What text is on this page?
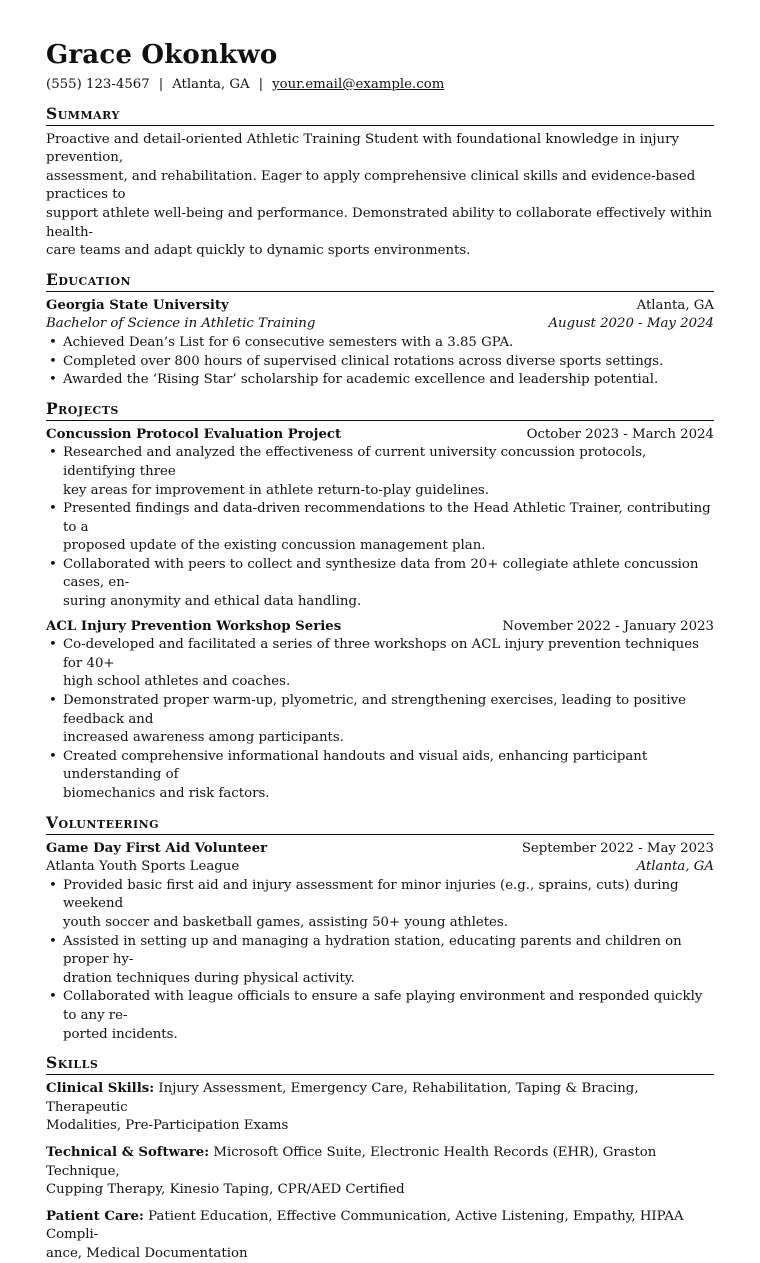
Grace Okonkwo
(555) 123-4567 | Atlanta, GA | your.email@example.com
Summary
Proactive and detail-oriented Athletic Training Student with foundational knowledge in injury prevention,
assessment, and rehabilitation. Eager to apply comprehensive clinical skills and evidence-based practices to
support athlete well-being and performance. Demonstrated ability to collaborate effectively within health-
care teams and adapt quickly to dynamic sports environments.
Education
Georgia State University	Atlanta, GA
Bachelor of Science in Athletic Training	August 2020 - May 2024
• Achieved Dean’s List for 6 consecutive semesters with a 3.85 GPA.
• Completed over 800 hours of supervised clinical rotations across diverse sports settings.
• Awarded the ‘Rising Star’ scholarship for academic excellence and leadership potential.
Projects
Concussion Protocol Evaluation Project	October 2023 - March 2024
• Researched and analyzed the effectiveness of current university concussion protocols, identifying three
key areas for improvement in athlete return-to-play guidelines.
• Presented findings and data-driven recommendations to the Head Athletic Trainer, contributing to a
proposed update of the existing concussion management plan.
• Collaborated with peers to collect and synthesize data from 20+ collegiate athlete concussion cases, en-
suring anonymity and ethical data handling.
ACL Injury Prevention Workshop Series	November 2022 - January 2023
• Co-developed and facilitated a series of three workshops on ACL injury prevention techniques for 40+
high school athletes and coaches.
• Demonstrated proper warm-up, plyometric, and strengthening exercises, leading to positive feedback and
increased awareness among participants.
• Created comprehensive informational handouts and visual aids, enhancing participant understanding of
biomechanics and risk factors.
Volunteering
Game Day First Aid Volunteer	September 2022 - May 2023
Atlanta Youth Sports League	Atlanta, GA
• Provided basic first aid and injury assessment for minor injuries (e.g., sprains, cuts) during weekend
youth soccer and basketball games, assisting 50+ young athletes.
• Assisted in setting up and managing a hydration station, educating parents and children on proper hy-
dration techniques during physical activity.
• Collaborated with league officials to ensure a safe playing environment and responded quickly to any re-
ported incidents.
Skills
Clinical Skills: Injury Assessment, Emergency Care, Rehabilitation, Taping & Bracing, Therapeutic
Modalities, Pre-Participation Exams
Technical & Software: Microsoft Office Suite, Electronic Health Records (EHR), Graston Technique,
Cupping Therapy, Kinesio Taping, CPR/AED Certified
Patient Care: Patient Education, Effective Communication, Active Listening, Empathy, HIPAA Compli-
ance, Medical Documentation
